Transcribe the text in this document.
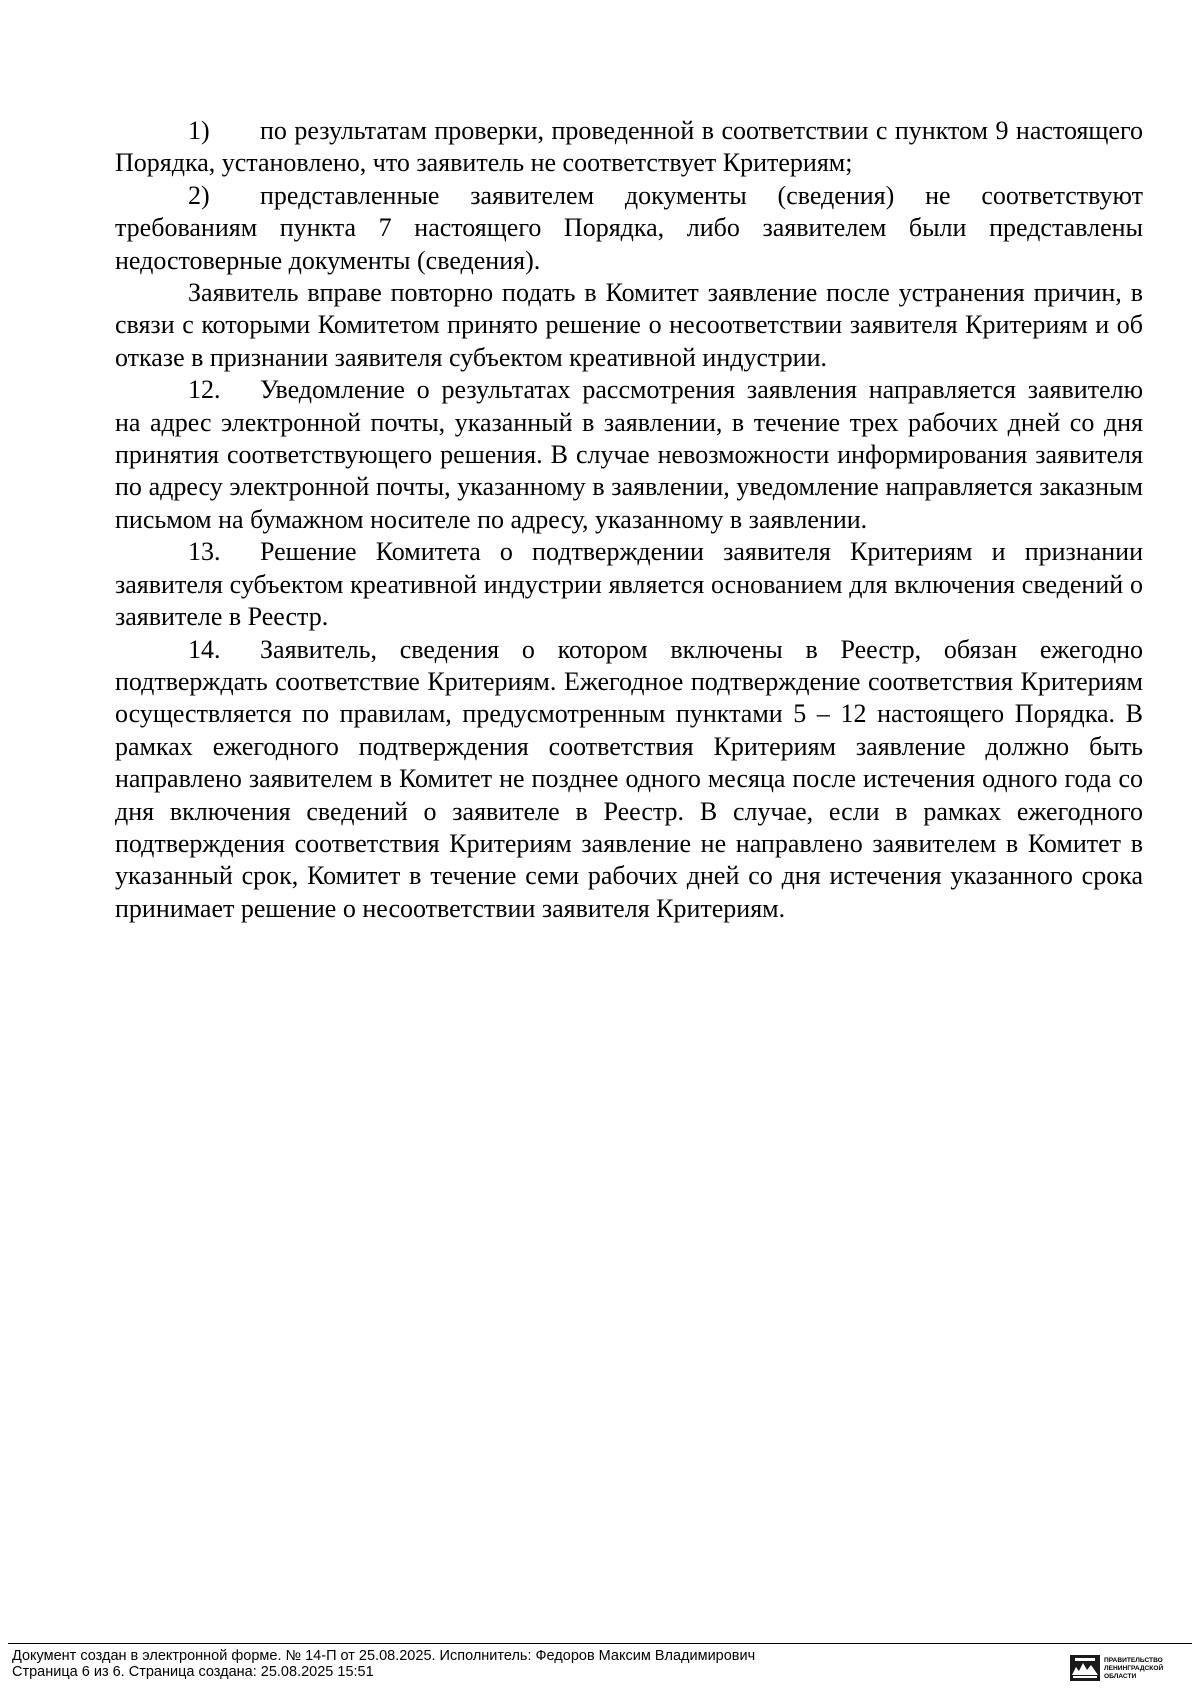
1) по результатам проверки, проведенной в соответствии с пунктом 9 настоящего Порядка, установлено, что заявитель не соответствует Критериям;

2) представленные заявителем документы (сведения) не соответствуют требованиям пункта 7 настоящего Порядка, либо заявителем были представлены недостоверные документы (сведения).

Заявитель вправе повторно подать в Комитет заявление после устранения причин, в связи с которыми Комитетом принято решение о несоответствии заявителя Критериям и об отказе в признании заявителя субъектом креативной индустрии.

12. Уведомление о результатах рассмотрения заявления направляется заявителю на адрес электронной почты, указанный в заявлении, в течение трех рабочих дней со дня принятия соответствующего решения. В случае невозможности информирования заявителя по адресу электронной почты, указанному в заявлении, уведомление направляется заказным письмом на бумажном носителе по адресу, указанному в заявлении.

13. Решение Комитета о подтверждении заявителя Критериям и признании заявителя субъектом креативной индустрии является основанием для включения сведений о заявителе в Реестр.

14. Заявитель, сведения о котором включены в Реестр, обязан ежегодно подтверждать соответствие Критериям. Ежегодное подтверждение соответствия Критериям осуществляется по правилам, предусмотренным пунктами 5 – 12 настоящего Порядка. В рамках ежегодного подтверждения соответствия Критериям заявление должно быть направлено заявителем в Комитет не позднее одного месяца после истечения одного года со дня включения сведений о заявителе в Реестр. В случае, если в рамках ежегодного подтверждения соответствия Критериям заявление не направлено заявителем в Комитет в указанный срок, Комитет в течение семи рабочих дней со дня истечения указанного срока принимает решение о несоответствии заявителя Критериям.

Документ создан в электронной форме. № 14-П от 25.08.2025. Исполнитель: Федоров Максим Владимирович
Страница 6 из 6. Страница создана: 25.08.2025 15:51
ПРАВИТЕЛЬСТВО
ЛЕНИНГРАДСКОЙ
ОБЛАСТИ
